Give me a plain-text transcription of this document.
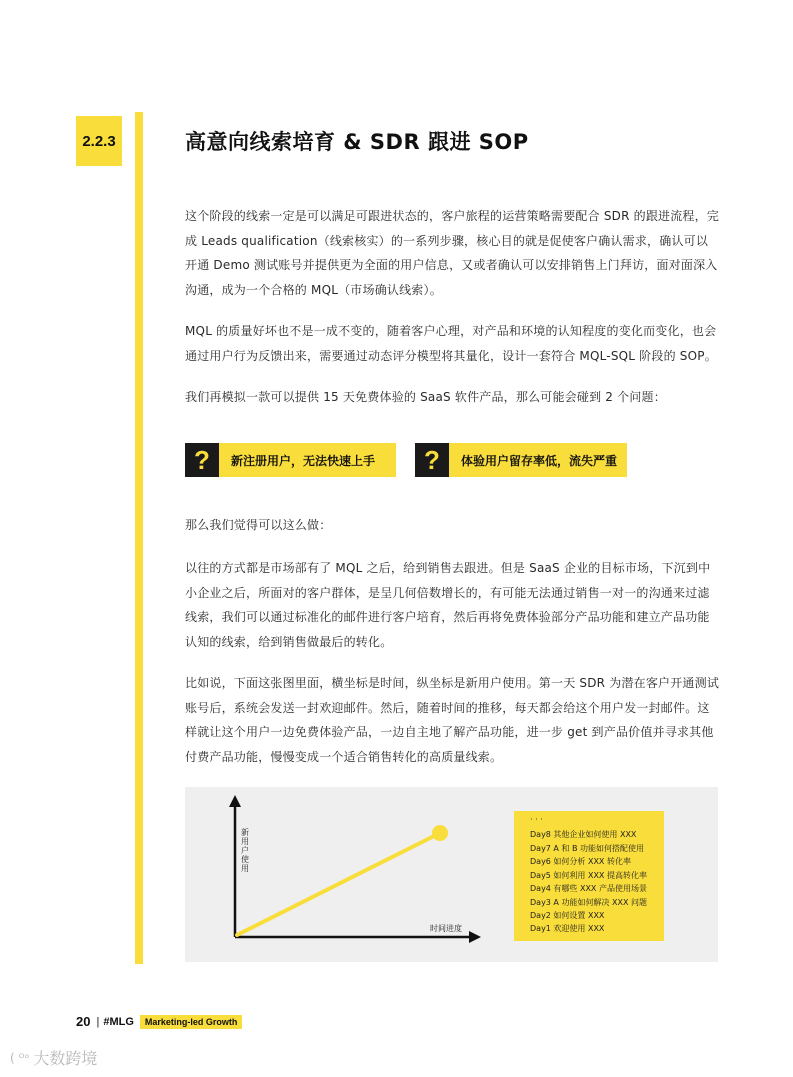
2.2.3	高意向线索培育 & SDR 跟进 SOP

这个阶段的线索一定是可以满足可跟进状态的，客户旅程的运营策略需要配合 SDR 的跟进流程，完成 Leads qualification（线索核实）的一系列步骤，核心目的就是促使客户确认需求，确认可以开通 Demo 测试账号并提供更为全面的用户信息，又或者确认可以安排销售上门拜访，面对面深入沟通，成为一个合格的 MQL（市场确认线索）。

MQL 的质量好坏也不是一成不变的，随着客户心理，对产品和环境的认知程度的变化而变化，也会通过用户行为反馈出来，需要通过动态评分模型将其量化，设计一套符合 MQL-SQL 阶段的 SOP。

我们再模拟一款可以提供 15 天免费体验的 SaaS 软件产品，那么可能会碰到 2 个问题：

?	新注册用户，无法快速上手	?	体验用户留存率低，流失严重

那么我们觉得可以这么做：

以往的方式都是市场部有了 MQL 之后，给到销售去跟进。但是 SaaS 企业的目标市场，下沉到中小企业之后，所面对的客户群体，是呈几何倍数增长的，有可能无法通过销售一对一的沟通来过滤线索，我们可以通过标准化的邮件进行客户培育，然后再将免费体验部分产品功能和建立产品功能认知的线索，给到销售做最后的转化。

比如说，下面这张图里面，横坐标是时间，纵坐标是新用户使用。第一天 SDR 为潜在客户开通测试账号后，系统会发送一封欢迎邮件。然后，随着时间的推移，每天都会给这个用户发一封邮件。这样就让这个用户一边免费体验产品，一边自主地了解产品功能，进一步 get 到产品价值并寻求其他付费产品功能，慢慢变成一个适合销售转化的高质量线索。

新
用
户
使
用
时间进度
· · ·
Day8 其他企业如何使用 XXX
Day7 A 和 B 功能如何搭配使用
Day6 如何分析 XXX 转化率
Day5 如何利用 XXX 提高转化率
Day4 有哪些 XXX 产品使用场景
Day3 A 功能如何解决 XXX 问题
Day2 如何设置 XXX
Day1 欢迎使用 XXX
20 | #MLG	Marketing-led Growth
( ᴼᵒ 大数跨境
